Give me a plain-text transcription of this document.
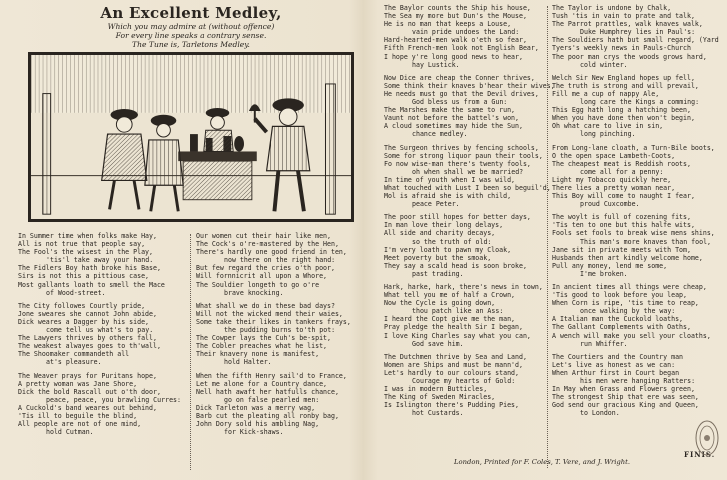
An Excellent Medley,
Which you may admire at (without offence)
For every line speaks a contrary sense.
The Tune is, Tarletons Medley.
In Summer time when folks make Hay,
All is not true that people say,
The Fool's the wisest in the Play,
'tis'l take away your hand.
The Fidlers Boy hath broke his Base,
Sirs is not this a pittious case,
Most gallants loath to smell the Mace
of Wood-street.
The City followes Courtly pride,
Jone sweares she cannot John abide,
Dick weares a Dagger by his side,
come tell us what's to pay.
The Lawyers thrives by others fall,
The weakest alwayes goes to th'wall,
The Shoomaker commandeth all
at's pleasure.
The Weaver prays for Puritans hope,
A pretty woman was Jane Shore,
Dick the bold Rascall out o'th door,
peace, peace, you brawling Curres:
A Cuckold's band weares out behind,
'Tis ill to beguile the blind,
All people are not of one mind,
hold Cutman.
Our women cut their hair like men,
The Cock's o're-mastered by the Hen,
There's hardly one good friend in ten,
now there on the right hand:
But few regard the cries o'th poor,
Will fornnicrit all upon a Whore,
The Souldier longeth to go o're
brave knocking.
What shall we do in these bad days?
Will not the wicked mend their waies,
Some take their likes in tankers frays,
the pudding burns to'th pot:
The Cowper lays the Cuh's be-spit,
The Cobler preaches what he list,
Their knavery none is manifest,
hold Halter.
When the fifth Henry sail'd to France,
Let me alone for a Country dance,
Nell hath awaft her hatfulls chance,
go on false pearled men:
Dick Tarleton was a merry wag,
Barb cut the pleating all ronby bag,
John Dory sold his ambling Nag,
for Kick-shaws.
The Baylor counts the Ship his house,
The Sea my more but Dun's the Mouse,
He is no man that keeps a Louse,
vain pride undoes the Land:
Hard-hearted-men walk o'eth so fear,
Fifth French-men look not English Bear,
I hope y're long good news to hear,
hay Lustick.
Now Dice are cheap the Conner thrives,
Some think their knaves b'hear their wives,
He needs must go that the Devil drives,
God bless us from a Gun:
The Marshes make the same to run,
Vaunt not before the battel's won,
A cloud sometimes may hide the Sun,
chance medley.
The Surgeon thrives by fencing schools,
Some for strong liquor paun their tools,
Fo now wise-man there's twenty fools,
oh when shall we be married?
In time of youth when I was wild,
What touched with Lust I been so beguil'd,
Mol is afraid she is with child,
peace Peter.
The poor still hopes for better days,
In man love their long delays,
All side and charity decays,
so the truth of old:
I'm very loath to pawn my Cloak,
Meet poverty but the smoak,
They say a scald head is soon broke,
past trading.
Hark, harke, hark, there's news in town,
What tell you me of half a Crown,
Now the Cycle is going down,
thou patch like an Ass:
I heard the Copt give me the man,
Pray pledge the health Sir I began,
I love King Charles say what you can,
God save him.
The Dutchmen thrive by Sea and Land,
Women are Ships and must be mann'd,
Let's hardly to our colours stand,
Courage my hearts of Gold:
I was in modern Butticles,
The King of Sweden Miracles,
Is Islington there's Pudding Pies,
hot Custards.
The Taylor is undone by Chalk,
Tush 'tis in vain to prate and talk,
The Parrot prattles, walk knaves walk,
Duke Humphrey lies in Paul's:
The Souldiers hath but small regard, (Yard
Tyers's weekly news in Pauls-Church
The poor man crys the woods grows hard,
cold winter.
Welch Sir New England hopes up fell,
The truth is strong and will prevail,
Fill me a cup of nappy Ale,
long care the Kings a comming:
This Egg hath long a hatching been,
When you have done then won't begin,
Oh what care to live in sin,
long pinching.
From Long-lane cloath, a Turn-Bile boots,
O the open space Lambeth-Coots,
The cheapest meat is Reddish roots,
come all for a penny:
Light my Tobacco quickly here,
There lies a pretty woman near,
This Boy will come to naught I fear,
proud Cuxcombe.
The woylt is full of cozening fits,
'Tis ten to one but this halfe wits,
Fools set fools to break wise mens shins,
This man's more knaves than fool,
Jane sit in private meets with Tom,
Husbands then art kindly welcome home,
Pull any money, lend me some,
I'me broken.
In ancient times all things were cheap,
'Tis good to look before you leap,
When Corn is ripe, 'tis time to reap,
once walking by the way:
A Italian man the Cuckold loaths,
The Gallant Complements with Oaths,
A wench will make you sell your cloaths,
run Whiffer.
The Courtiers and the Country man
Let's live as honest as we can:
When Arthur first in Court began
his men were hanging Ratters:
In May when Grass and Flowers green,
The strongest Ship that ere was seen,
God send our gracious King and Queen,
to London.
London, Printed for F. Coles, T. Vere, and J. Wright.
FINIS.
